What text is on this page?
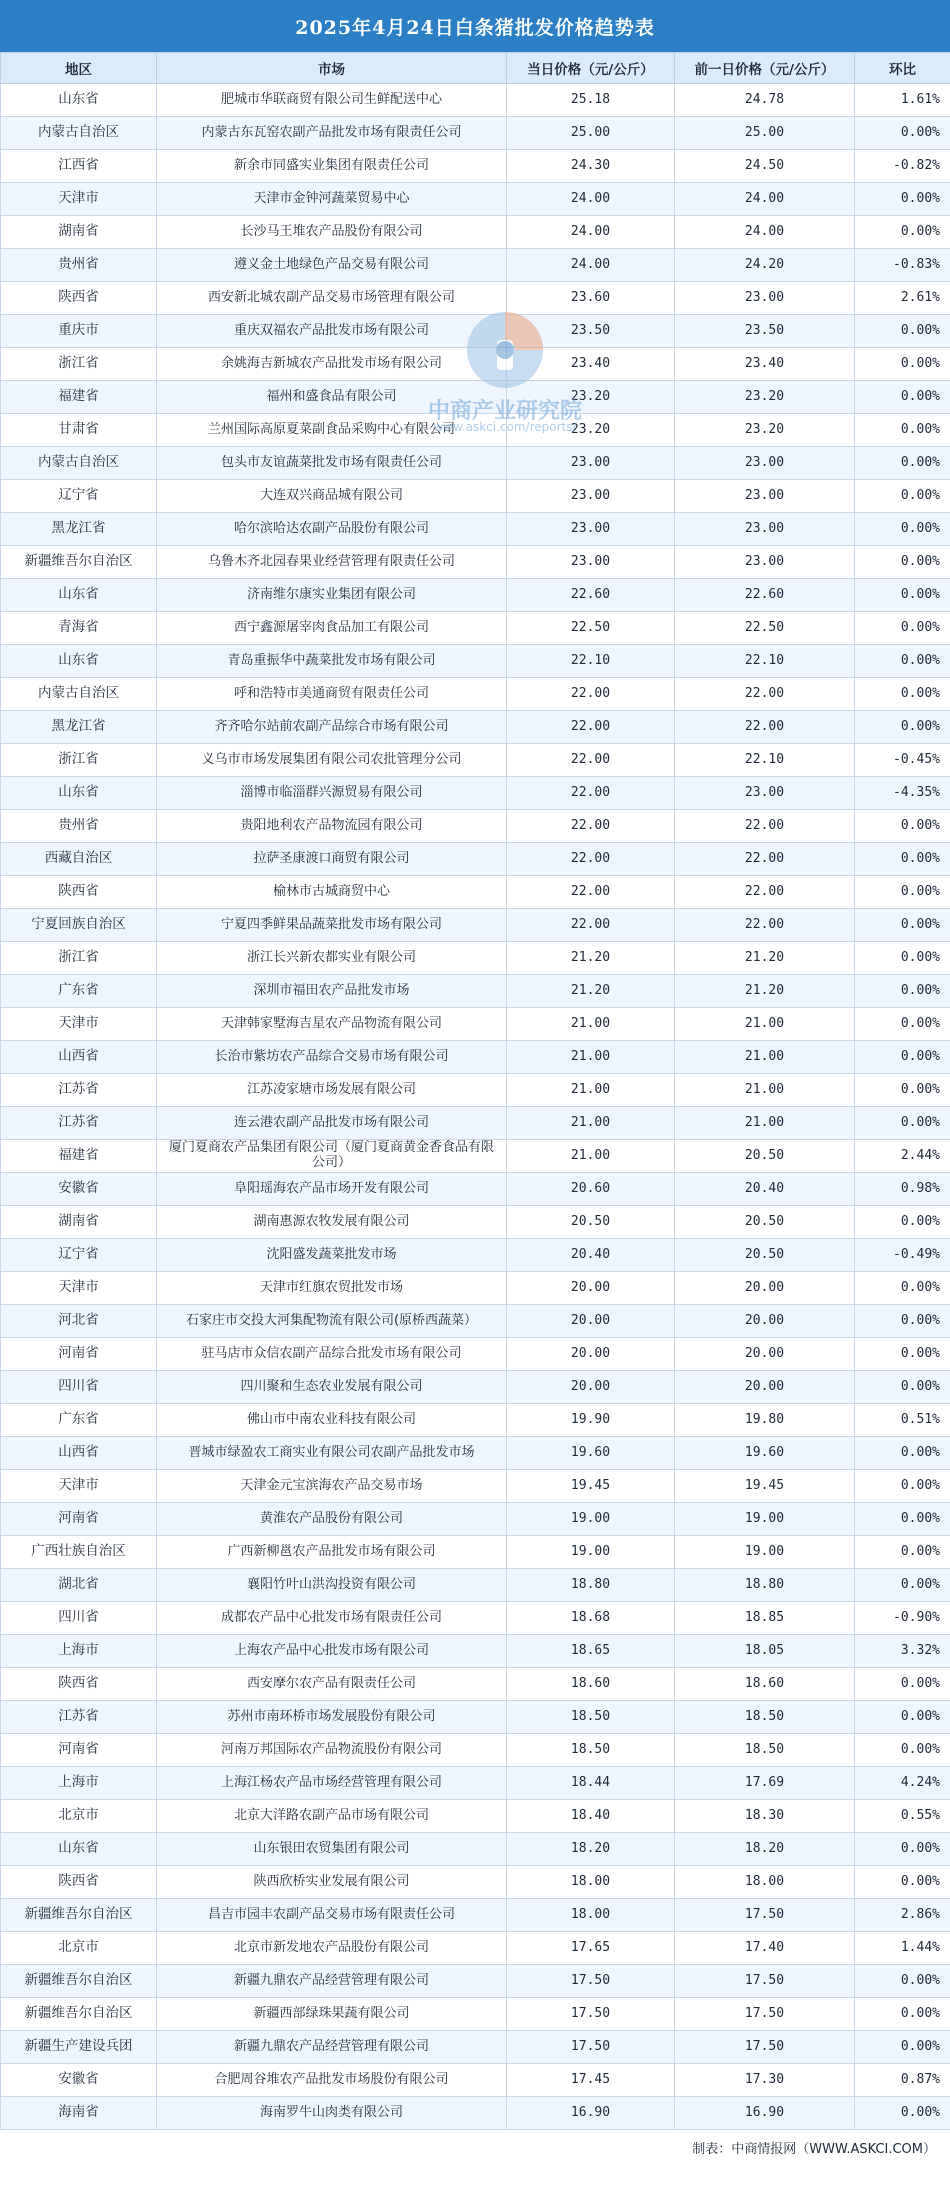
2025年4月24日白条猪批发价格趋势表
地区	市场	当日价格（元/公斤）	前一日价格（元/公斤）	环比
山东省	肥城市华联商贸有限公司生鲜配送中心	25.18	24.78	1.61%
内蒙古自治区	内蒙古东瓦窑农副产品批发市场有限责任公司	25.00	25.00	0.00%
江西省	新余市同盛实业集团有限责任公司	24.30	24.50	-0.82%
天津市	天津市金钟河蔬菜贸易中心	24.00	24.00	0.00%
湖南省	长沙马王堆农产品股份有限公司	24.00	24.00	0.00%
贵州省	遵义金土地绿色产品交易有限公司	24.00	24.20	-0.83%
陕西省	西安新北城农副产品交易市场管理有限公司	23.60	23.00	2.61%
重庆市	重庆双福农产品批发市场有限公司	23.50	23.50	0.00%
浙江省	余姚海吉新城农产品批发市场有限公司	23.40	23.40	0.00%
福建省	福州和盛食品有限公司	23.20	23.20	0.00%
甘肃省	兰州国际高原夏菜副食品采购中心有限公司	23.20	23.20	0.00%
内蒙古自治区	包头市友谊蔬菜批发市场有限责任公司	23.00	23.00	0.00%
辽宁省	大连双兴商品城有限公司	23.00	23.00	0.00%
黑龙江省	哈尔滨哈达农副产品股份有限公司	23.00	23.00	0.00%
新疆维吾尔自治区	乌鲁木齐北园春果业经营管理有限责任公司	23.00	23.00	0.00%
山东省	济南维尔康实业集团有限公司	22.60	22.60	0.00%
青海省	西宁鑫源屠宰肉食品加工有限公司	22.50	22.50	0.00%
山东省	青岛重振华中蔬菜批发市场有限公司	22.10	22.10	0.00%
内蒙古自治区	呼和浩特市美通商贸有限责任公司	22.00	22.00	0.00%
黑龙江省	齐齐哈尔站前农副产品综合市场有限公司	22.00	22.00	0.00%
浙江省	义乌市市场发展集团有限公司农批管理分公司	22.00	22.10	-0.45%
山东省	淄博市临淄群兴源贸易有限公司	22.00	23.00	-4.35%
贵州省	贵阳地利农产品物流园有限公司	22.00	22.00	0.00%
西藏自治区	拉萨圣康渡口商贸有限公司	22.00	22.00	0.00%
陕西省	榆林市古城商贸中心	22.00	22.00	0.00%
宁夏回族自治区	宁夏四季鲜果品蔬菜批发市场有限公司	22.00	22.00	0.00%
浙江省	浙江长兴新农都实业有限公司	21.20	21.20	0.00%
广东省	深圳市福田农产品批发市场	21.20	21.20	0.00%
天津市	天津韩家墅海吉星农产品物流有限公司	21.00	21.00	0.00%
山西省	长治市紫坊农产品综合交易市场有限公司	21.00	21.00	0.00%
江苏省	江苏凌家塘市场发展有限公司	21.00	21.00	0.00%
江苏省	连云港农副产品批发市场有限公司	21.00	21.00	0.00%
福建省	厦门夏商农产品集团有限公司（厦门夏商黄金香食品有限公司）	21.00	20.50	2.44%
安徽省	阜阳瑶海农产品市场开发有限公司	20.60	20.40	0.98%
湖南省	湖南惠源农牧发展有限公司	20.50	20.50	0.00%
辽宁省	沈阳盛发蔬菜批发市场	20.40	20.50	-0.49%
天津市	天津市红旗农贸批发市场	20.00	20.00	0.00%
河北省	石家庄市交投大河集配物流有限公司(原桥西蔬菜）	20.00	20.00	0.00%
河南省	驻马店市众信农副产品综合批发市场有限公司	20.00	20.00	0.00%
四川省	四川聚和生态农业发展有限公司	20.00	20.00	0.00%
广东省	佛山市中南农业科技有限公司	19.90	19.80	0.51%
山西省	晋城市绿盈农工商实业有限公司农副产品批发市场	19.60	19.60	0.00%
天津市	天津金元宝滨海农产品交易市场	19.45	19.45	0.00%
河南省	黄淮农产品股份有限公司	19.00	19.00	0.00%
广西壮族自治区	广西新柳邕农产品批发市场有限公司	19.00	19.00	0.00%
湖北省	襄阳竹叶山洪沟投资有限公司	18.80	18.80	0.00%
四川省	成都农产品中心批发市场有限责任公司	18.68	18.85	-0.90%
上海市	上海农产品中心批发市场有限公司	18.65	18.05	3.32%
陕西省	西安摩尔农产品有限责任公司	18.60	18.60	0.00%
江苏省	苏州市南环桥市场发展股份有限公司	18.50	18.50	0.00%
河南省	河南万邦国际农产品物流股份有限公司	18.50	18.50	0.00%
上海市	上海江杨农产品市场经营管理有限公司	18.44	17.69	4.24%
北京市	北京大洋路农副产品市场有限公司	18.40	18.30	0.55%
山东省	山东银田农贸集团有限公司	18.20	18.20	0.00%
陕西省	陕西欣桥实业发展有限公司	18.00	18.00	0.00%
新疆维吾尔自治区	昌吉市园丰农副产品交易市场有限责任公司	18.00	17.50	2.86%
北京市	北京市新发地农产品股份有限公司	17.65	17.40	1.44%
新疆维吾尔自治区	新疆九鼎农产品经营管理有限公司	17.50	17.50	0.00%
新疆维吾尔自治区	新疆西部绿珠果蔬有限公司	17.50	17.50	0.00%
新疆生产建设兵团	新疆九鼎农产品经营管理有限公司	17.50	17.50	0.00%
安徽省	合肥周谷堆农产品批发市场股份有限公司	17.45	17.30	0.87%
海南省	海南罗牛山肉类有限公司	16.90	16.90	0.00%
中商产业研究院
www.askci.com/reports/
制表：中商情报网（WWW.ASKCI.COM）
